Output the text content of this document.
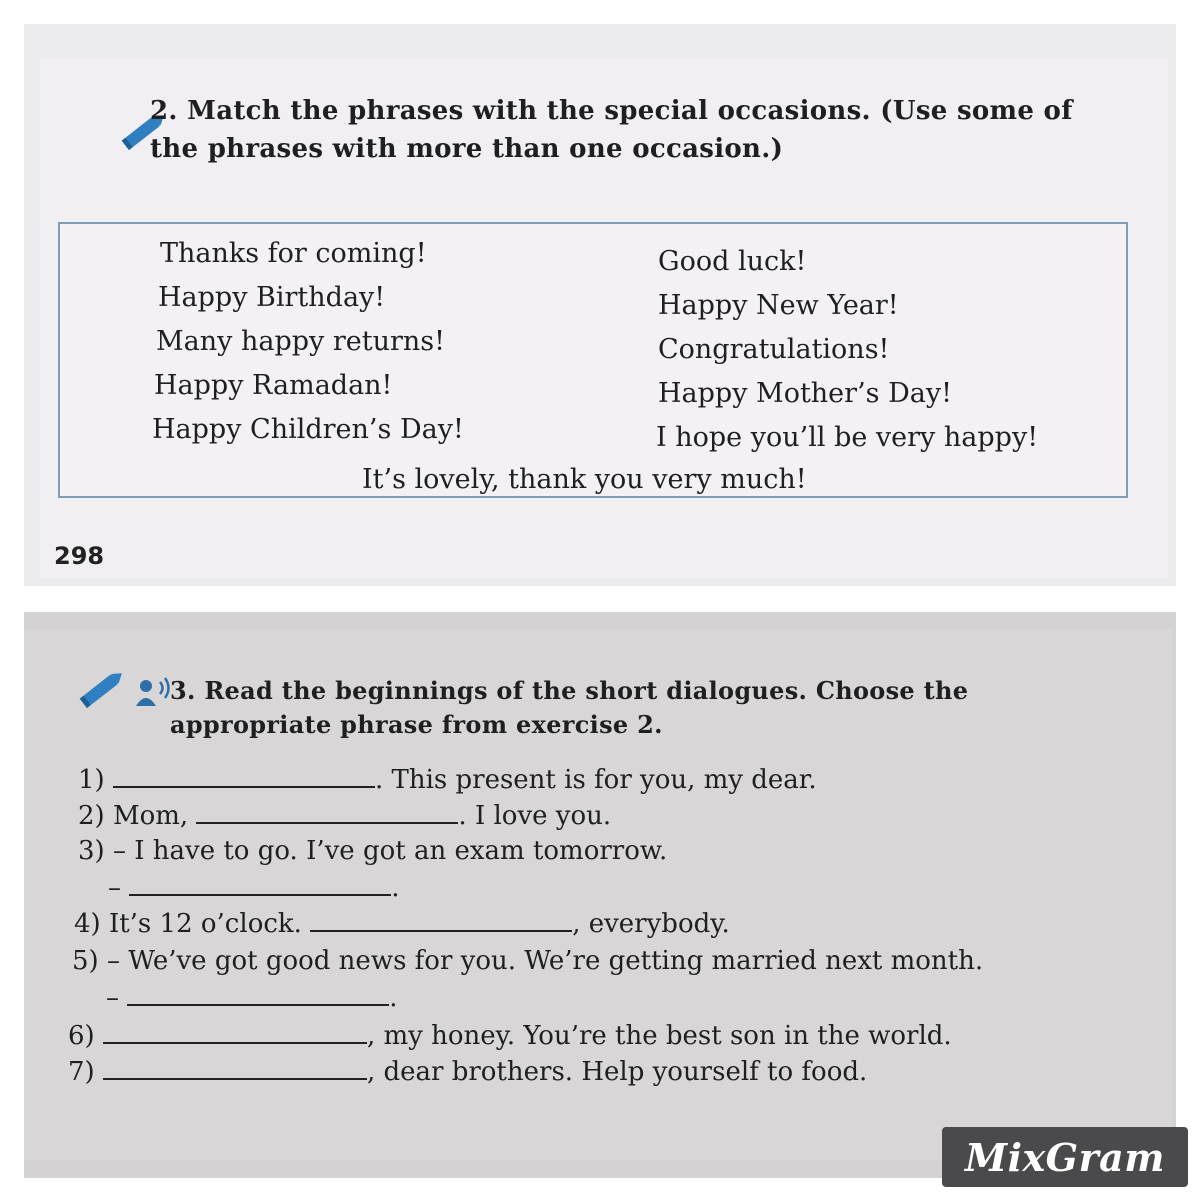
2. Match the phrases with the special occasions. (Use some of the phrases with more than one occasion.)
Thanks for coming!
Happy Birthday!
Many happy returns!
Happy Ramadan!
Happy Children’s Day!
Good luck!
Happy New Year!
Congratulations!
Happy Mother’s Day!
I hope you’ll be very happy!
It’s lovely, thank you very much!
298
3. Read the beginnings of the short dialogues. Choose the appropriate phrase from exercise 2.
1)	. This present is for you, my dear.
2) Mom,	. I love you.
3) – I have to go. I’ve got an exam tomorrow.
–	.
4) It’s 12 o’clock.	, everybody.
5) – We’ve got good news for you. We’re getting married next month.
–	.
6)	, my honey. You’re the best son in the world.
7)	, dear brothers. Help yourself to food.
MixGram
